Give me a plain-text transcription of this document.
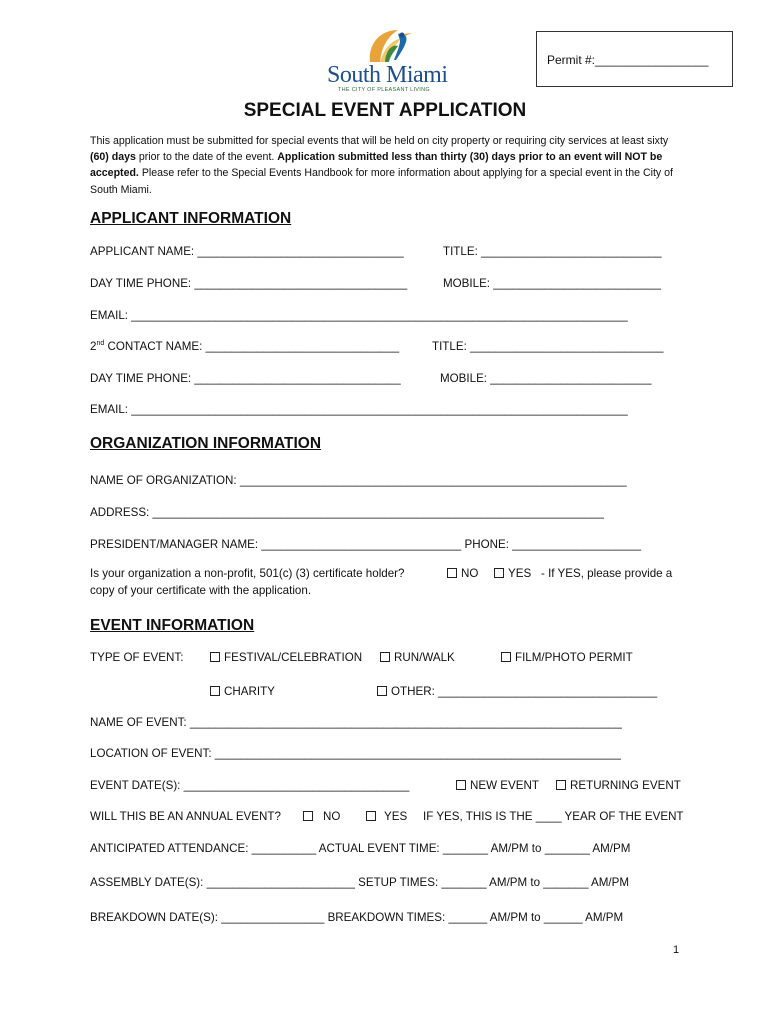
South Miami
THE CITY OF PLEASANT LIVING
Permit #:_________________
SPECIAL EVENT APPLICATION
This application must be submitted for special events that will be held on city property or requiring city services at least sixty (60) days prior to the date of the event. Application submitted less than thirty (30) days prior to an event will NOT be accepted. Please refer to the Special Events Handbook for more information about applying for a special event in the City of South Miami.
APPLICANT INFORMATION
APPLICANT NAME: ________________________________	TITLE: ____________________________
DAY TIME PHONE: _________________________________	MOBILE: __________________________
EMAIL: _____________________________________________________________________________
2nd CONTACT NAME: ______________________________	TITLE: ______________________________
DAY TIME PHONE: ________________________________	MOBILE: _________________________
EMAIL: _____________________________________________________________________________
ORGANIZATION INFORMATION
NAME OF ORGANIZATION: ____________________________________________________________
ADDRESS: ______________________________________________________________________
PRESIDENT/MANAGER NAME: _______________________________ PHONE: ____________________
Is your organization a non-profit, 501(c) (3) certificate holder?	NO	YES - If YES, please provide a
copy of your certificate with the application.
EVENT INFORMATION
TYPE OF EVENT:	FESTIVAL/CELEBRATION	RUN/WALK	FILM/PHOTO PERMIT
CHARITY	OTHER: __________________________________
NAME OF EVENT: ___________________________________________________________________
LOCATION OF EVENT: _______________________________________________________________
EVENT DATE(S): ___________________________________	NEW EVENT	RETURNING EVENT
WILL THIS BE AN ANNUAL EVENT?	NO	YES IF YES, THIS IS THE ____ YEAR OF THE EVENT
ANTICIPATED ATTENDANCE: __________ ACTUAL EVENT TIME: _______ AM/PM to _______ AM/PM
ASSEMBLY DATE(S): _______________________ SETUP TIMES: _______ AM/PM to _______ AM/PM
BREAKDOWN DATE(S): ________________ BREAKDOWN TIMES: ______ AM/PM to ______ AM/PM
1
